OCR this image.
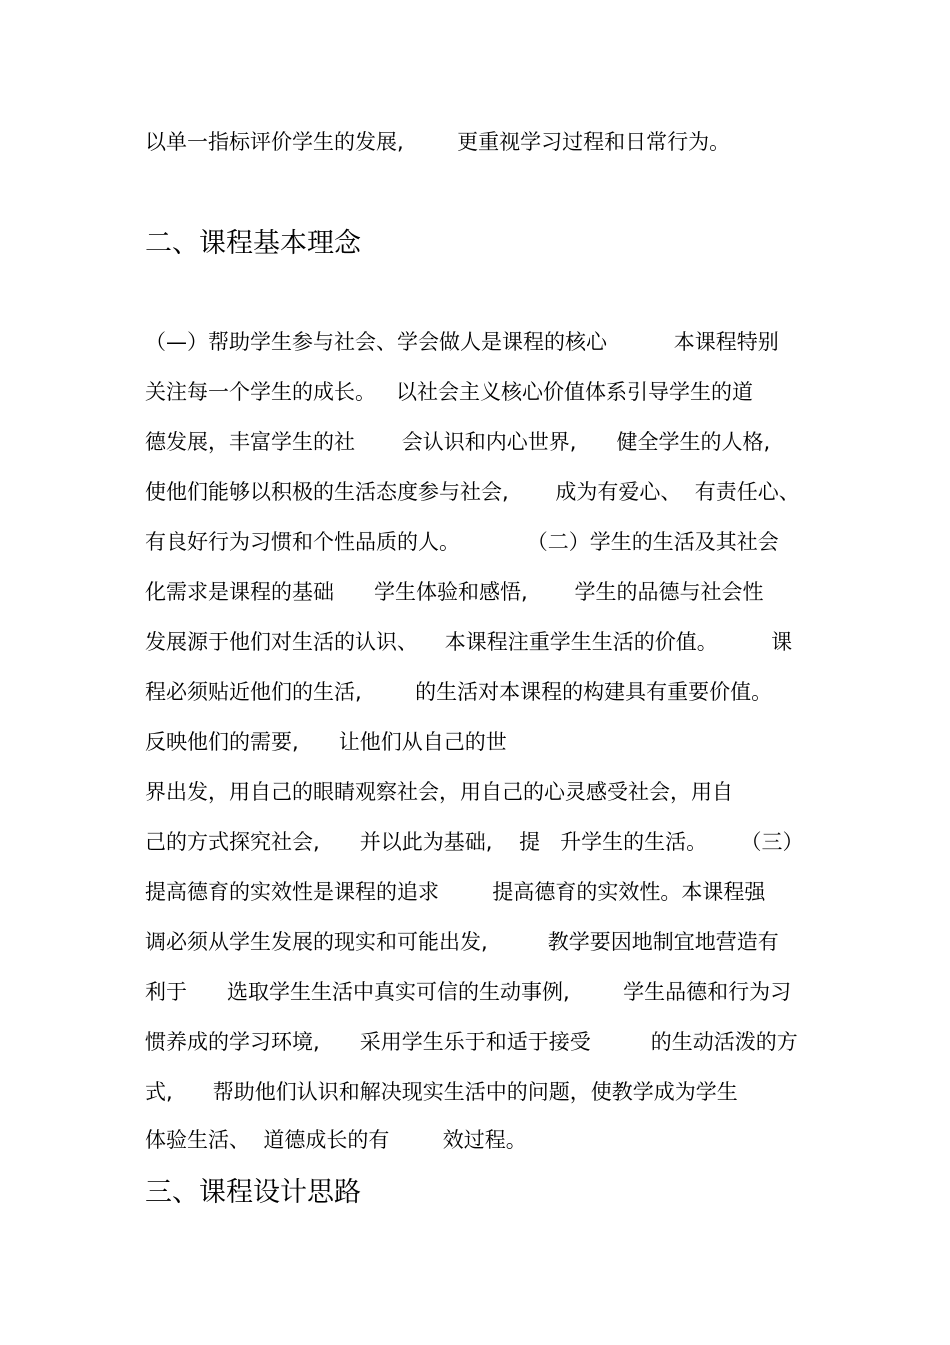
以单一指标评价学生的发展,        更重视学习过程和日常行为。

二、课程基本理念

（—）帮助学生参与社会、学会做人是课程的核心          本课程特别

关注每一个学生的成长。   以社会主义核心价值体系引导学生的道

德发展，丰富学生的社       会认识和内心世界,      健全学生的人格,

使他们能够以积极的生活态度参与社会,       成为有爱心、  有责任心、

有良好行为习惯和个性品质的人。          （二）学生的生活及其社会

化需求是课程的基础      学生体验和感悟,       学生的品德与社会性

发展源于他们对生活的认识、    本课程注重学生生活的价值。        课

程必须贴近他们的生活,        的生活对本课程的构建具有重要价值。

反映他们的需要,      让他们从自己的世

界出发，用自己的眼睛观察社会，用自己的心灵感受社会，用自

己的方式探究社会,      并以此为基础,    提   升学生的生活。     （三）

提高德育的实效性是课程的追求        提高德育的实效性。本课程强

调必须从学生发展的现实和可能出发,         教学要因地制宜地营造有

利于      选取学生生活中真实可信的生动事例,        学生品德和行为习

惯养成的学习环境,      采用学生乐于和适于接受         的生动活泼的方

式,      帮助他们认识和解决现实生活中的问题，使教学成为学生

体验生活、  道德成长的有        效过程。

三、课程设计思路
